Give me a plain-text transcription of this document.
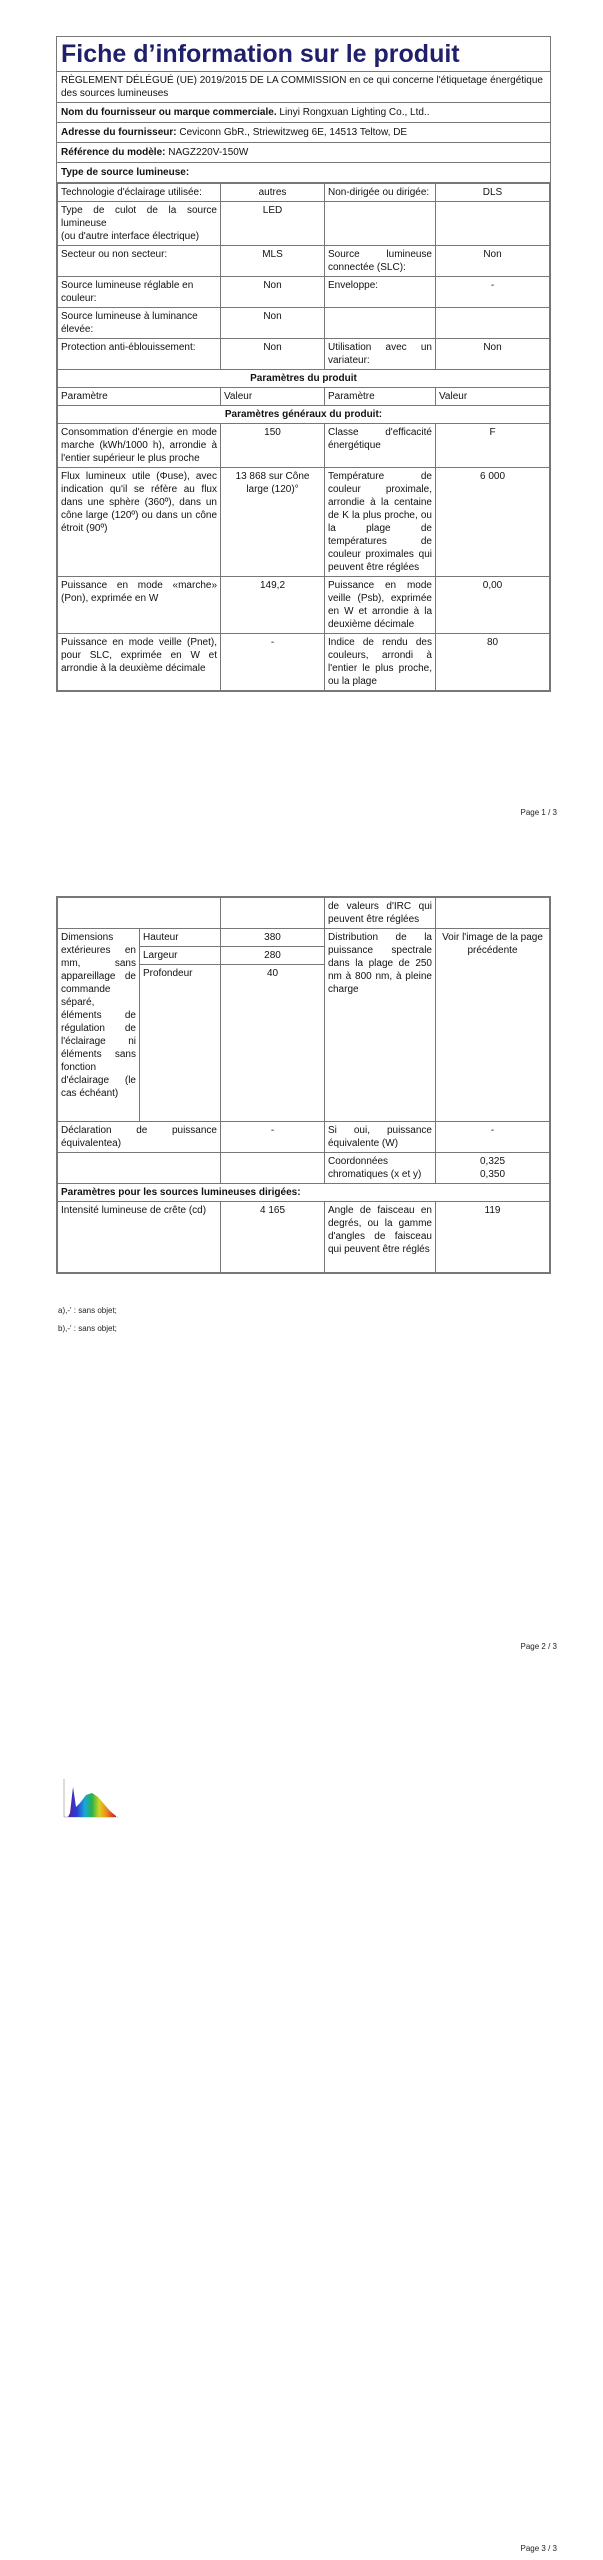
Fiche d’information sur le produit
RÈGLEMENT DÉLÉGUÉ (UE) 2019/2015 DE LA COMMISSION en ce qui concerne l'étiquetage énergétique des sources lumineuses
Nom du fournisseur ou marque commerciale. Linyi Rongxuan Lighting Co., Ltd..
Adresse du fournisseur: Ceviconn GbR., Striewitzweg 6E, 14513 Teltow, DE
Référence du modèle: NAGZ220V-150W
Type de source lumineuse:
Technologie d'éclairage utilisée:	autres	Non-dirigée ou dirigée:	DLS
Type de culot de la source lumineuse
(ou d'autre interface électrique)	LED		
Secteur ou non secteur:	MLS	Source lumineuse connectée (SLC):	Non
Source lumineuse réglable en couleur:	Non	Enveloppe:	-
Source lumineuse à luminance élevée:	Non		
Protection anti-éblouissement:	Non	Utilisation avec un variateur:	Non
Paramètres du produit			
Paramètre	Valeur	Paramètre	Valeur
Paramètres généraux du produit:			
Consommation d'énergie en mode marche (kWh/1000 h), arrondie à l'entier supérieur le plus proche	150	Classe d'efficacité énergétique	F
Flux lumineux utile (Φuse), avec indication qu'il se réfère au flux dans une sphère (360º), dans un cône large (120º) ou dans un cône étroit (90º)	13 868 sur Cône large (120)°	Température de couleur proximale, arrondie à la centaine de K la plus proche, ou la plage de températures de couleur proximales qui peuvent être réglées	6 000
Puissance en mode «marche» (Pon), exprimée en W	149,2	Puissance en mode veille (Psb), exprimée en W et arrondie à la deuxième décimale	0,00
Puissance en mode veille (Pnet), pour SLC, exprimée en W et arrondie à la deuxième décimale	-	Indice de rendu des couleurs, arrondi à l'entier le plus proche, ou la plage	80
Page 1 / 3
			de valeurs d'IRC qui peuvent être réglées	
Dimensions extérieures en mm, sans appareillage de commande séparé, éléments de régulation de l'éclairage ni éléments sans fonction d'éclairage (le cas échéant)	Hauteur	380	Distribution de la puissance spectrale dans la plage de 250 nm à 800 nm, à pleine charge	Voir l'image de la page précédente
	Largeur	280		
	Profondeur	40		
Déclaration de puissance équivalentea)		-	Si oui, puissance équivalente (W)	-
			Coordonnées chromatiques (x et y)	0,325
0,350

Paramètres pour les sources lumineuses dirigées:				
Intensité lumineuse de crête (cd)		4 165	Angle de faisceau en degrés, ou la gamme d'angles de faisceau qui peuvent être réglés	119
a),-' : sans objet;
b),-' : sans objet;
Page 2 / 3
Page 3 / 3
